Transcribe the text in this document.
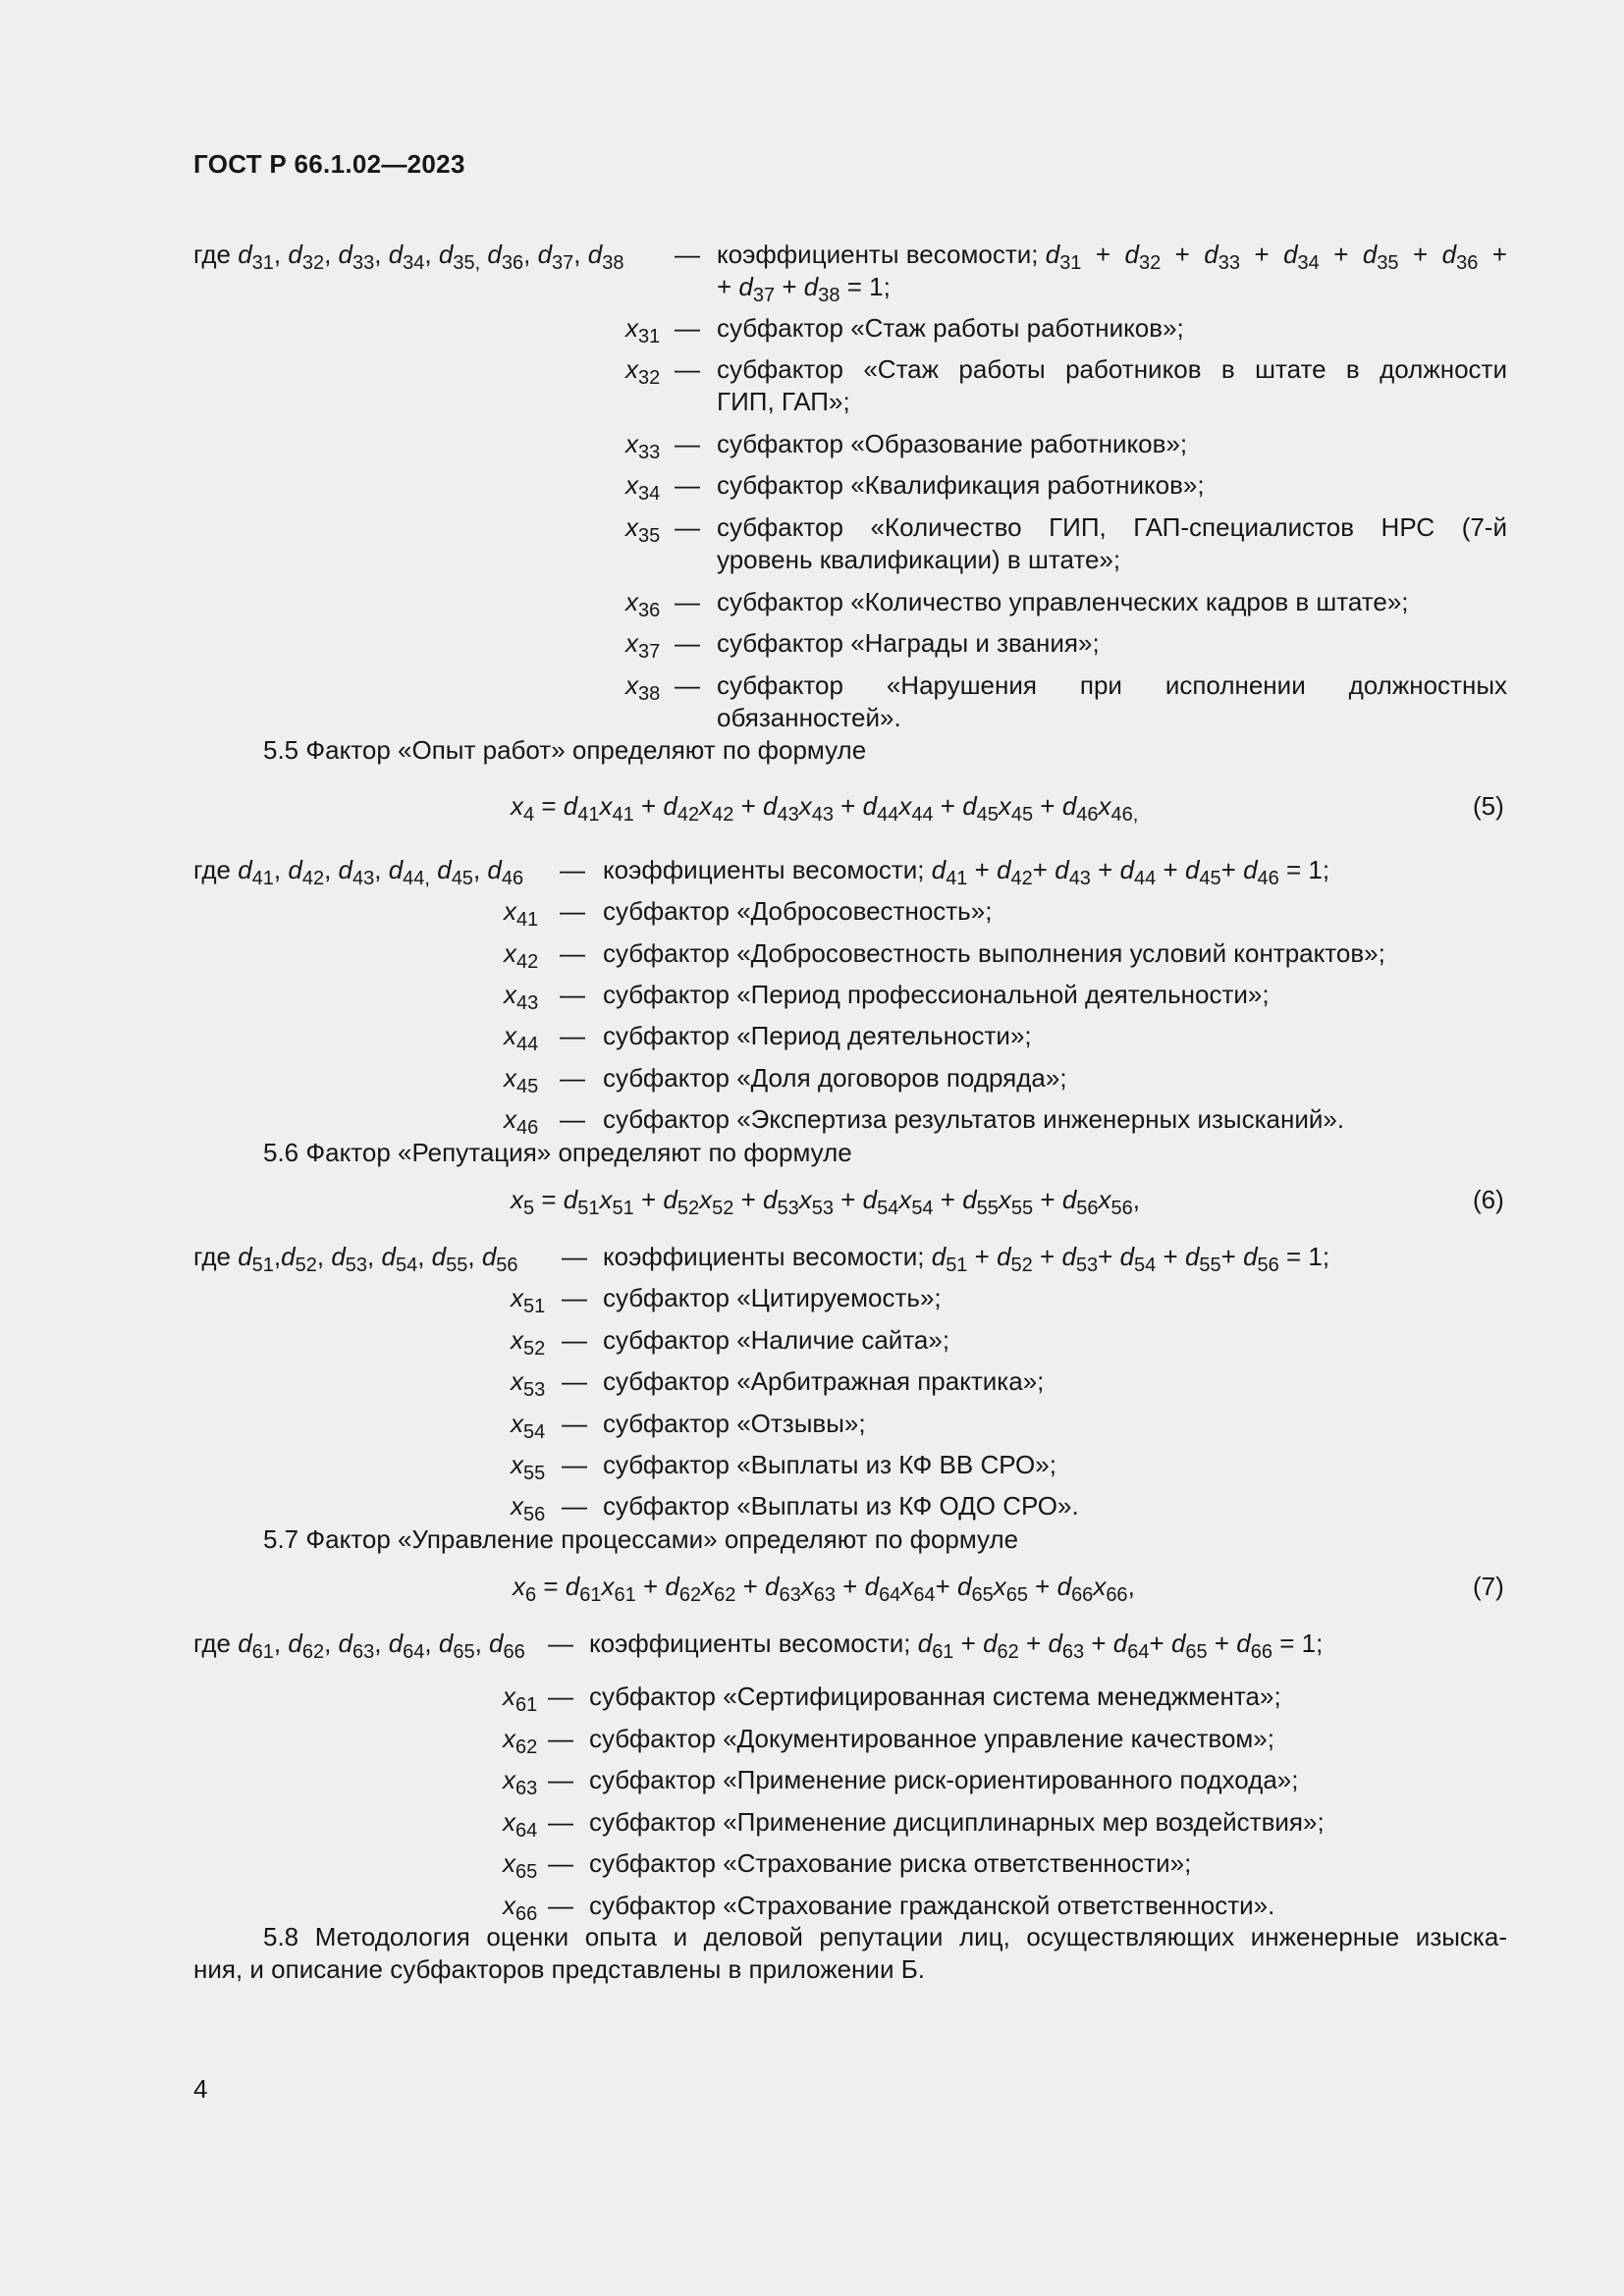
ГОСТ Р 66.1.02—2023
где $d_{31}$, $d_{32}$, $d_{33}$, $d_{34}$, $d_{35,}$ $d_{36}$, $d_{37}$, $d_{38}$ — коэффициенты весомости; $d_{31} + d_{32} + d_{33} + d_{34} + d_{35} + d_{36}$ +
+ $d_{37} + d_{38} = 1$;
$x_{31}$ — субфактор «Стаж работы работников»;
$x_{32}$ — субфактор «Стаж работы работников в штате в должности
ГИП, ГАП»;
$x_{33}$ — субфактор «Образование работников»;
$x_{34}$ — субфактор «Квалификация работников»;
$x_{35}$ — субфактор «Количество ГИП, ГАП-специалистов НРС (7-й
уровень квалификации) в штате»;
$x_{36}$ — субфактор «Количество управленческих кадров в штате»;
$x_{37}$ — субфактор «Награды и звания»;
$x_{38}$ — субфактор «Нарушения при исполнении должностных
обязанностей».
5.5 Фактор «Опыт работ» определяют по формуле
$x_4 = d_{41}x_{41} + d_{42}x_{42} + d_{43}x_{43} + d_{44}x_{44} + d_{45}x_{45} + d_{46}x_{46,}$	(5)
где $d_{41}$, $d_{42}$, $d_{43}$, $d_{44,}$ $d_{45}$, $d_{46}$ — коэффициенты весомости; $d_{41} + d_{42}+ d_{43} + d_{44} + d_{45}+ d_{46} = 1$;
$x_{41}$ — субфактор «Добросовестность»;
$x_{42}$ — субфактор «Добросовестность выполнения условий контрактов»;
$x_{43}$ — субфактор «Период профессиональной деятельности»;
$x_{44}$ — субфактор «Период деятельности»;
$x_{45}$ — субфактор «Доля договоров подряда»;
$x_{46}$ — субфактор «Экспертиза результатов инженерных изысканий».
5.6 Фактор «Репутация» определяют по формуле
$x_5 = d_{51}x_{51} + d_{52}x_{52} + d_{53}x_{53} + d_{54}x_{54} + d_{55}x_{55} + d_{56}x_{56}$,	(6)
где $d_{51},d_{52}$, $d_{53}$, $d_{54}$, $d_{55}$, $d_{56}$ — коэффициенты весомости; $d_{51} + d_{52} + d_{53}+ d_{54} + d_{55}+ d_{56} = 1$;
$x_{51}$ — субфактор «Цитируемость»;
$x_{52}$ — субфактор «Наличие сайта»;
$x_{53}$ — субфактор «Арбитражная практика»;
$x_{54}$ — субфактор «Отзывы»;
$x_{55}$ — субфактор «Выплаты из КФ ВВ СРО»;
$x_{56}$ — субфактор «Выплаты из КФ ОДО СРО».
5.7 Фактор «Управление процессами» определяют по формуле
$x_6 = d_{61}x_{61} + d_{62}x_{62} + d_{63}x_{63} + d_{64}x_{64}+ d_{65}x_{65} + d_{66}x_{66}$,	(7)
где $d_{61}$, $d_{62}$, $d_{63}$, $d_{64}$, $d_{65}$, $d_{66}$ — коэффициенты весомости; $d_{61} + d_{62} + d_{63} + d_{64}+ d_{65} + d_{66} = 1$;
$x_{61}$ — субфактор «Сертифицированная система менеджмента»;
$x_{62}$ — субфактор «Документированное управление качеством»;
$x_{63}$ — субфактор «Применение риск-ориентированного подхода»;
$x_{64}$ — субфактор «Применение дисциплинарных мер воздействия»;
$x_{65}$ — субфактор «Страхование риска ответственности»;
$x_{66}$ — субфактор «Страхование гражданской ответственности».
5.8 Методология оценки опыта и деловой репутации лиц, осуществляющих инженерные изыска-
ния, и описание субфакторов представлены в приложении Б.
4
